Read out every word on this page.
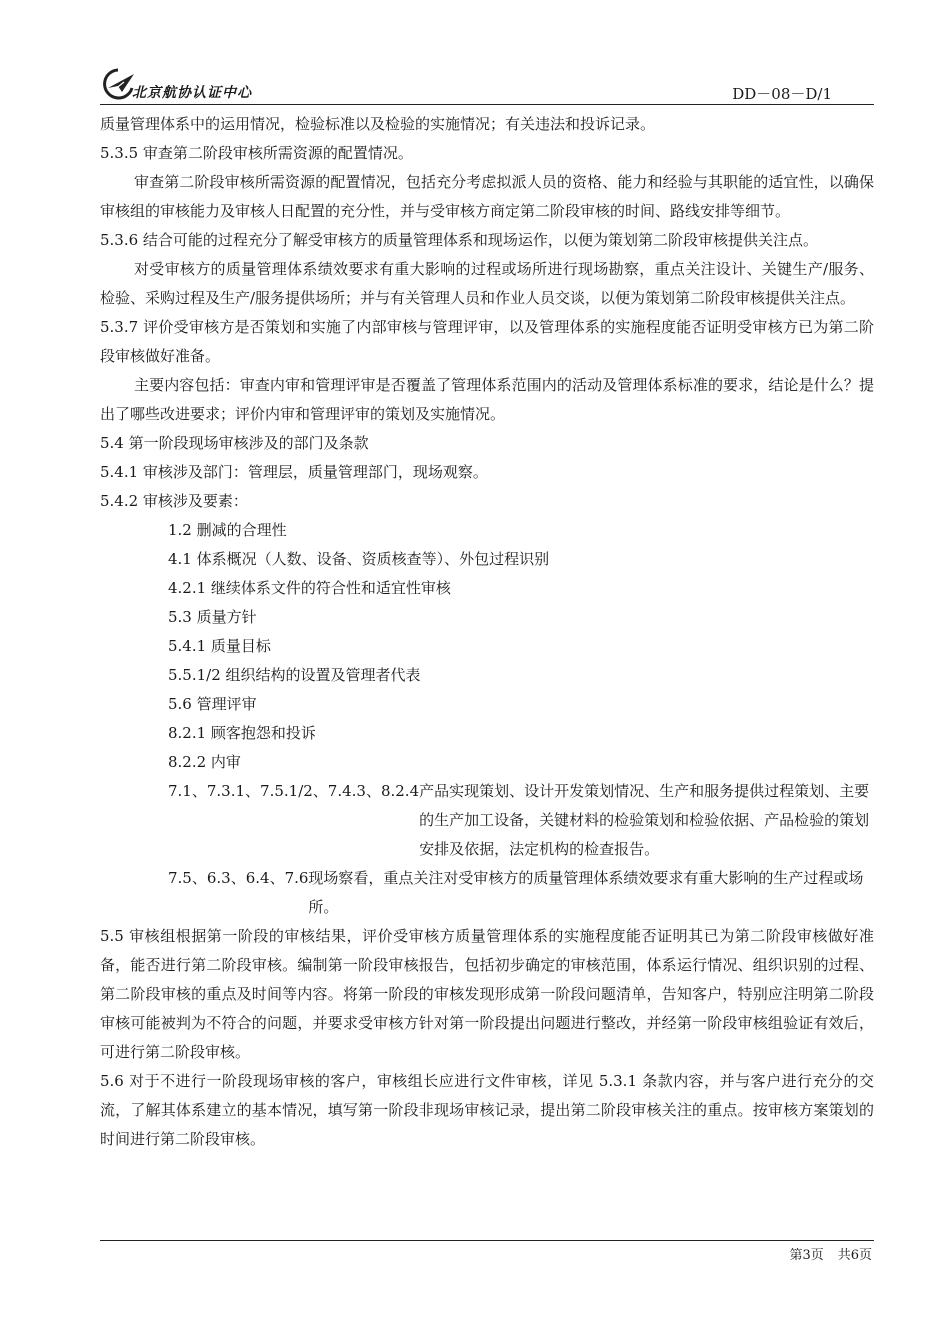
北京航协认证中心	DD－08－D/1

质量管理体系中的运用情况，检验标准以及检验的实施情况；有关违法和投诉记录。

5.3.5 审查第二阶段审核所需资源的配置情况。

审查第二阶段审核所需资源的配置情况，包括充分考虑拟派人员的资格、能力和经验与其职能的适宜性，以确保审核组的审核能力及审核人日配置的充分性，并与受审核方商定第二阶段审核的时间、路线安排等细节。

5.3.6 结合可能的过程充分了解受审核方的质量管理体系和现场运作，以便为策划第二阶段审核提供关注点。

对受审核方的质量管理体系绩效要求有重大影响的过程或场所进行现场勘察，重点关注设计、关键生产/服务、检验、采购过程及生产/服务提供场所；并与有关管理人员和作业人员交谈，以便为策划第二阶段审核提供关注点。

5.3.7 评价受审核方是否策划和实施了内部审核与管理评审，以及管理体系的实施程度能否证明受审核方已为第二阶段审核做好准备。

主要内容包括：审查内审和管理评审是否覆盖了管理体系范围内的活动及管理体系标准的要求，结论是什么？提出了哪些改进要求；评价内审和管理评审的策划及实施情况。

5.4 第一阶段现场审核涉及的部门及条款

5.4.1 审核涉及部门：管理层，质量管理部门，现场观察。

5.4.2 审核涉及要素：

1.2 删减的合理性

4.1 体系概况（人数、设备、资质核查等）、外包过程识别

4.2.1 继续体系文件的符合性和适宜性审核

5.3 质量方针

5.4.1 质量目标

5.5.1/2 组织结构的设置及管理者代表

5.6 管理评审

8.2.1 顾客抱怨和投诉

8.2.2 内审

7.1、7.3.1、7.5.1/2、7.4.3、8.2.4 产品实现策划、设计开发策划情况、生产和服务提供过程策划、主要的生产加工设备，关键材料的检验策划和检验依据、产品检验的策划安排及依据，法定机构的检查报告。
7.5、6.3、6.4、7.6 现场察看，重点关注对受审核方的质量管理体系绩效要求有重大影响的生产过程或场所。

5.5 审核组根据第一阶段的审核结果，评价受审核方质量管理体系的实施程度能否证明其已为第二阶段审核做好准备，能否进行第二阶段审核。编制第一阶段审核报告，包括初步确定的审核范围，体系运行情况、组织识别的过程、第二阶段审核的重点及时间等内容。将第一阶段的审核发现形成第一阶段问题清单，告知客户，特别应注明第二阶段审核可能被判为不符合的问题，并要求受审核方针对第一阶段提出问题进行整改，并经第一阶段审核组验证有效后，可进行第二阶段审核。

5.6 对于不进行一阶段现场审核的客户，审核组长应进行文件审核，详见 5.3.1 条款内容，并与客户进行充分的交流，了解其体系建立的基本情况，填写第一阶段非现场审核记录，提出第二阶段审核关注的重点。按审核方案策划的时间进行第二阶段审核。

第3页 共6页
